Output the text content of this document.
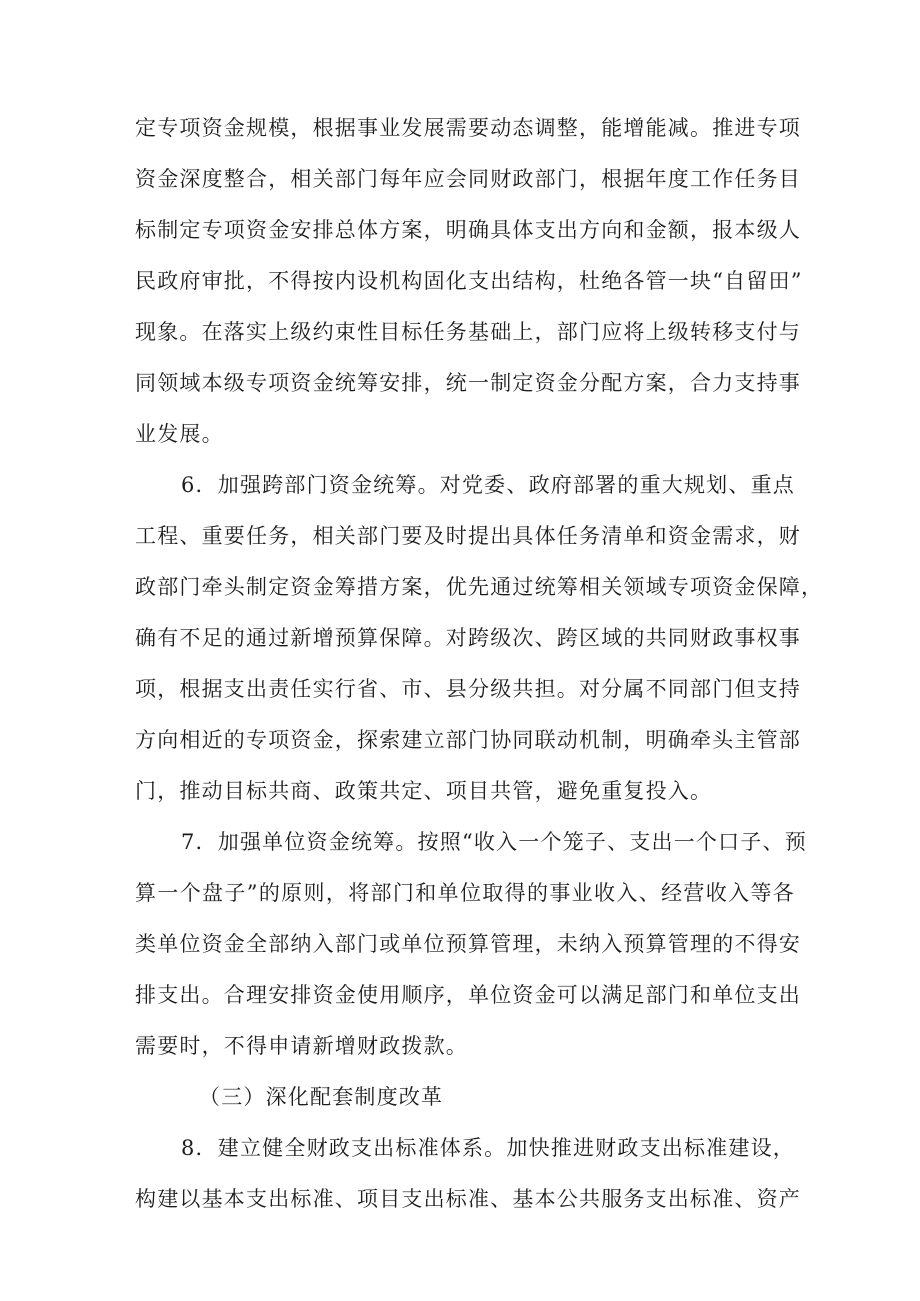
定专项资金规模，根据事业发展需要动态调整，能增能减。推进专项
资金深度整合，相关部门每年应会同财政部门，根据年度工作任务目
标制定专项资金安排总体方案，明确具体支出方向和金额，报本级人
民政府审批，不得按内设机构固化支出结构，杜绝各管一块“自留田”
现象。在落实上级约束性目标任务基础上，部门应将上级转移支付与
同领域本级专项资金统筹安排，统一制定资金分配方案，合力支持事
业发展。
6．加强跨部门资金统筹。对党委、政府部署的重大规划、重点
工程、重要任务，相关部门要及时提出具体任务清单和资金需求，财
政部门牵头制定资金筹措方案，优先通过统筹相关领域专项资金保障，
确有不足的通过新增预算保障。对跨级次、跨区域的共同财政事权事
项，根据支出责任实行省、市、县分级共担。对分属不同部门但支持
方向相近的专项资金，探索建立部门协同联动机制，明确牵头主管部
门，推动目标共商、政策共定、项目共管，避免重复投入。
7．加强单位资金统筹。按照“收入一个笼子、支出一个口子、预
算一个盘子”的原则，将部门和单位取得的事业收入、经营收入等各
类单位资金全部纳入部门或单位预算管理，未纳入预算管理的不得安
排支出。合理安排资金使用顺序，单位资金可以满足部门和单位支出
需要时，不得申请新增财政拨款。
（三）深化配套制度改革
8．建立健全财政支出标准体系。加快推进财政支出标准建设，
构建以基本支出标准、项目支出标准、基本公共服务支出标准、资产
